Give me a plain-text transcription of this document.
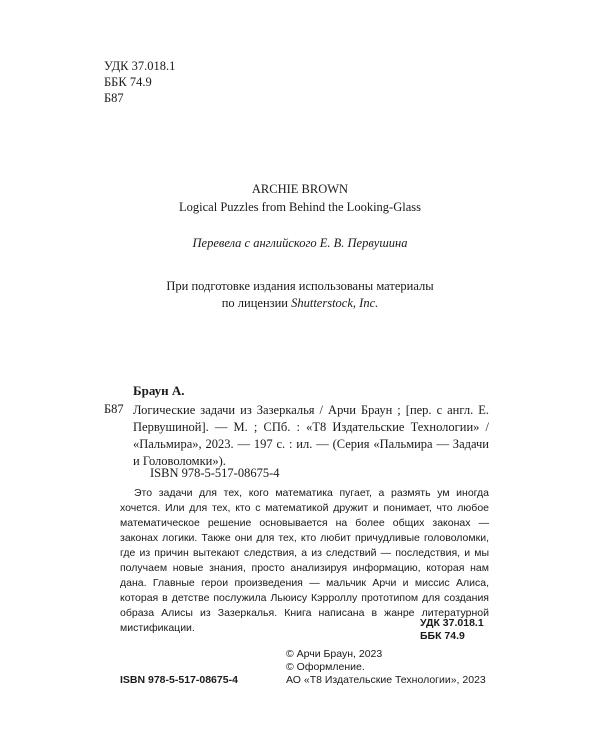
УДК 37.018.1
ББК 74.9
Б87
ARCHIE BROWN
Logical Puzzles from Behind the Looking-Glass
Перевела с английского Е. В. Первушина
При подготовке издания использованы материалы
по лицензии Shutterstock, Inc.
Браун А.
Б87 Логические задачи из Зазеркалья / Арчи Браун ; [пер. с англ. Е. Первушиной]. — М. ; СПб. : «Т8 Издательские Технологии» / «Пальмира», 2023. — 197 с. : ил. — (Серия «Пальмира — Задачи и Головоломки»).
ISBN 978-5-517-08675-4
Это задачи для тех, кого математика пугает, а размять ум иногда хочется. Или для тех, кто с математикой дружит и понимает, что любое математическое решение основывается на более общих законах — законах логики. Также они для тех, кто любит причудливые головоломки, где из причин вытекают следствия, а из следствий — последствия, и мы получаем новые знания, просто анализируя информацию, которая нам дана. Главные герои произведения — мальчик Арчи и миссис Алиса, которая в детстве послужила Льюису Кэрроллу прототипом для создания образа Алисы из Зазеркалья. Книга написана в жанре литературной мистификации.	УДК 37.018.1
ББК 74.9
© Арчи Браун, 2023
© Оформление.
ISBN 978-5-517-08675-4	АО «Т8 Издательские Технологии», 2023
